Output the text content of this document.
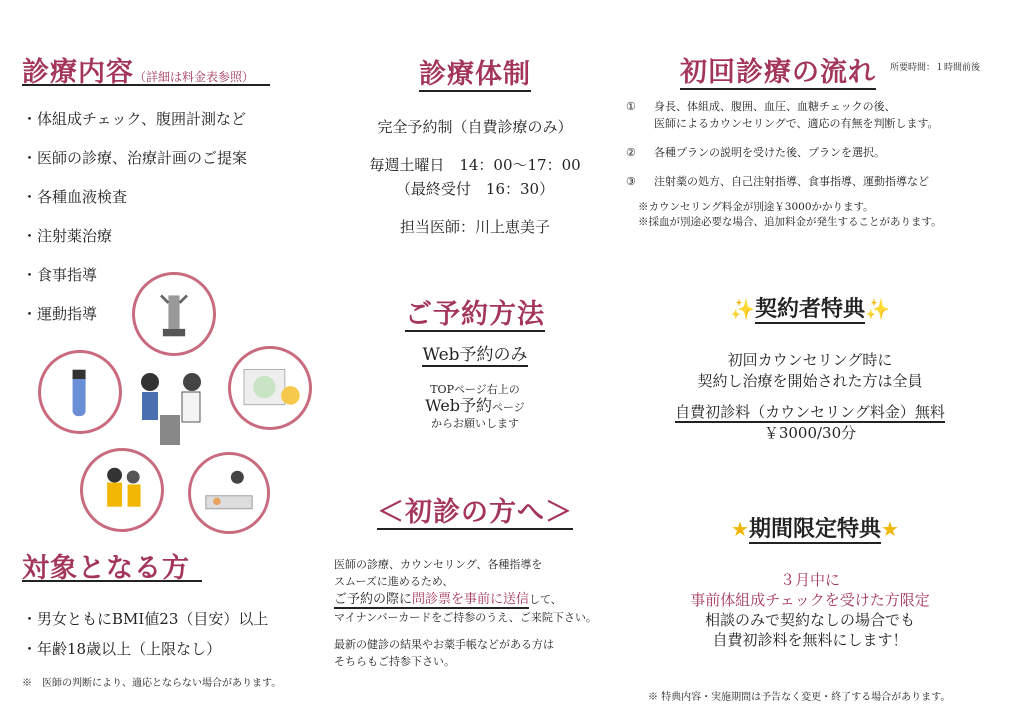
診療内容（詳細は料金表参照）
・体組成チェック、腹囲計測など
・医師の診療、治療計画のご提案
・各種血液検査
・注射薬治療
・食事指導
・運動指導
対象となる方
・男女ともにBMI値23（目安）以上
・年齢18歳以上（上限なし）
※　医師の判断により、適応とならない場合があります。
診療体制
完全予約制（自費診療のみ）
毎週土曜日　14：00～17：00
（最終受付　16：30）
担当医師：川上恵美子
ご予約方法
Web予約のみ
TOPページ右上の
Web予約ページ
からお願いします
＜初診の方へ＞
医師の診療、カウンセリング、各種指導を
スムーズに進めるため、
ご予約の際に問診票を事前に送信して、
マイナンバーカードをご持参のうえ、ご来院下さい。
最新の健診の結果やお薬手帳などがある方は
そちらもご持参下さい。
初回診療の流れ 所要時間：１時間前後
①	身長、体組成、腹囲、血圧、血糖チェックの後、
医師によるカウンセリングで、適応の有無を判断します。
②	各種プランの説明を受けた後、プランを選択。
③	注射薬の処方、自己注射指導、食事指導、運動指導など
※カウンセリング料金が別途￥3000かかります。
※採血が別途必要な場合、追加料金が発生することがあります。
✨契約者特典✨
初回カウンセリング時に
契約し治療を開始された方は全員
自費初診料（カウンセリング料金）無料
￥3000/30分
★期間限定特典★
３月中に
事前体組成チェックを受けた方限定
相談のみで契約なしの場合でも
自費初診料を無料にします！
※ 特典内容・実施期間は予告なく変更・終了する場合があります。
